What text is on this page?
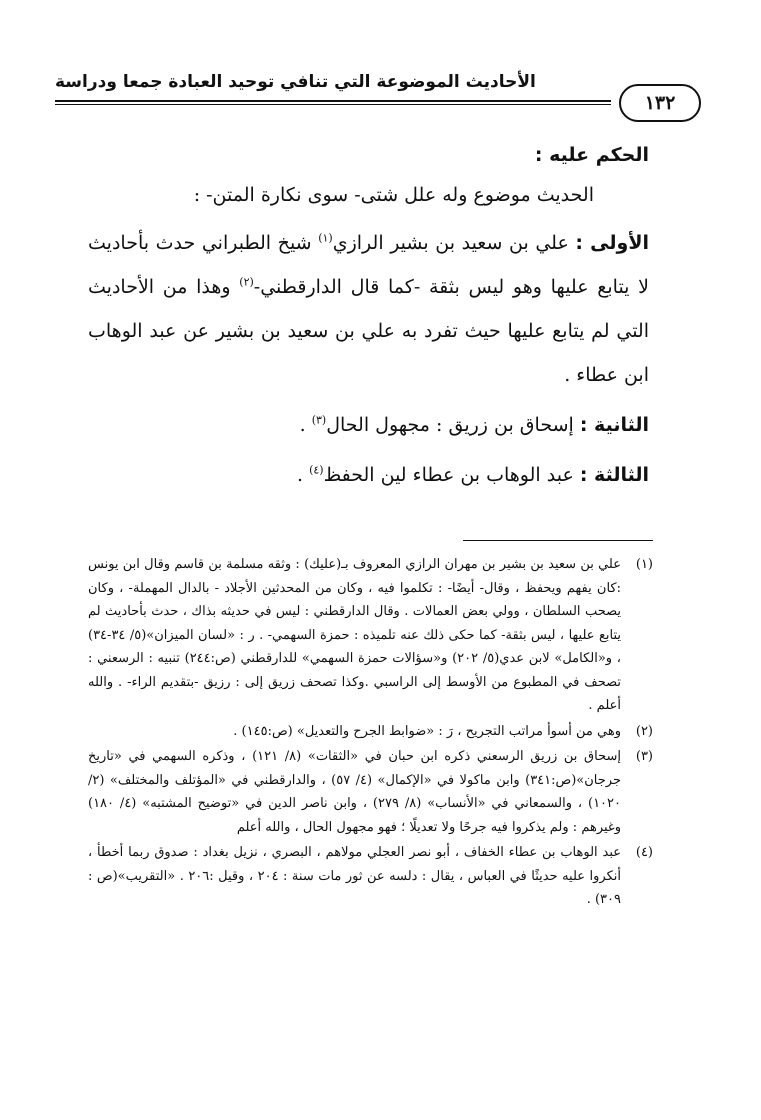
الأحاديث الموضوعة التي تنافي توحيد العبادة جمعا ودراسة
١٣٢

الحكم عليه :

الحديث موضوع وله علل شتى- سوى نكارة المتن- :

الأولى : علي بن سعيد بن بشير الرازي$^{(١)}$ شيخ الطبراني حدث بأحاديث لا يتابع عليها وهو ليس بثقة -كما قال الدارقطني-$^{(٢)}$ وهذا من الأحاديث التي لم يتابع عليها حيث تفرد به علي بن سعيد بن بشير عن عبد الوهاب ابن عطاء .

الثانية : إسحاق بن زريق : مجهول الحال$^{(٣)}$ .

الثالثة : عبد الوهاب بن عطاء لين الحفظ$^{(٤)}$ .

(١)
علي بن سعيد بن بشير بن مهران الرازي المعروف بـ(عليك) : وثقه مسلمة بن قاسم وقال ابن يونس :كان يفهم ويحفظ ، وقال- أيضًا- : تكلموا فيه ، وكان من المحدثين الأجلاد - بالدال المهملة- ، وكان يصحب السلطان ، وولي بعض العمالات . وقال الدارقطني : ليس في حديثه بذاك ، حدث بأحاديث لم يتابع عليها ، ليس بثقة- كما حكى ذلك عنه تلميذه : حمزة السهمي- . ر : «لسان الميزان»(٥/ ٣٤-٣٤) ، و«الكامل» لابن عدي(٥/ ٢٠٢) و«سؤالات حمزة السهمي» للدارقطني (ص:٢٤٤) تنبيه : الرسعني : تصحف في المطبوع من الأوسط إلى الراسبي .وكذا تصحف زريق إلى : رزيق -بتقديم الراء- . والله أعلم .

(٢)
وهي من أسوأ مراتب التجريح ، رَ : «ضوابط الجرح والتعديل» (ص:١٤٥) .

(٣)
إسحاق بن زريق الرسعني ذكره ابن حبان في «الثقات» (٨/ ١٢١) ، وذكره السهمي في «تاريخ جرجان»(ص:٣٤١) وابن ماكولا في «الإكمال» (٤/ ٥٧) ، والدارقطني في «المؤتلف والمختلف» (٢/ ١٠٢٠) ، والسمعاني في «الأنساب» (٨/ ٢٧٩) ، وابن ناصر الدين في «توضيح المشتبه» (٤/ ١٨٠) وغيرهم : ولم يذكروا فيه جرحًا ولا تعديلًا ؛ فهو مجهول الحال ، والله أعلم

(٤)
عبد الوهاب بن عطاء الخفاف ، أبو نصر العجلي مولاهم ، البصري ، نزيل بغداد : صدوق ربما أخطأ ، أنكروا عليه حديثًا في العباس ، يقال : دلسه عن ثور مات سنة : ٢٠٤ ، وقيل :٢٠٦ . «التقريب»(ص : ٣٠٩) .
